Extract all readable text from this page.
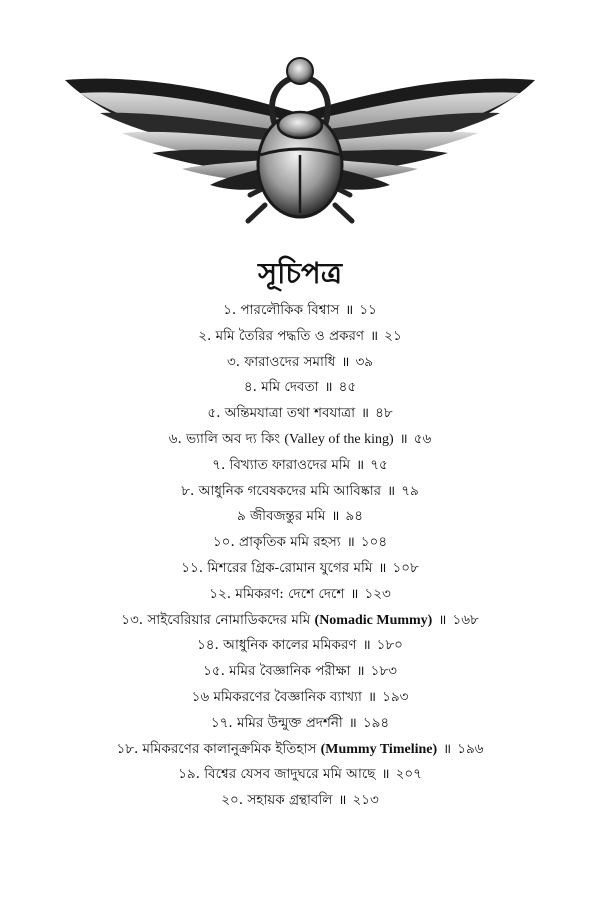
সূচিপত্র
১. পারলৌকিক বিশ্বাস ॥ ১১
২. মমি তৈরির পদ্ধতি ও প্রকরণ ॥ ২১
৩. ফারাওদের সমাধি ॥ ৩৯
৪. মমি দেবতা ॥ ৪৫
৫. অন্তিমযাত্রা তথা শবযাত্রা ॥ ৪৮
৬. ভ্যালি অব দ্য কিং (Valley of the king) ॥ ৫৬
৭. বিখ্যাত ফারাওদের মমি ॥ ৭৫
৮. আধুনিক গবেষকদের মমি আবিষ্কার ॥ ৭৯
৯ জীবজন্তুর মমি ॥ ৯৪
১০. প্রাকৃতিক মমি রহস্য ॥ ১০৪
১১. মিশরের গ্রিক-রোমান যুগের মমি ॥ ১০৮
১২. মমিকরণ: দেশে দেশে ॥ ১২৩
১৩. সাইবেরিয়ার নোমাডিকদের মমি (Nomadic Mummy) ॥ ১৬৮
১৪. আধুনিক কালের মমিকরণ ॥ ১৮০
১৫. মমির বৈজ্ঞানিক পরীক্ষা ॥ ১৮৩
১৬ মমিকরণের বৈজ্ঞানিক ব্যাখ্যা ॥ ১৯৩
১৭. মমির উন্মুক্ত প্রদর্শনী ॥ ১৯৪
১৮. মমিকরণের কালানুক্রমিক ইতিহাস (Mummy Timeline) ॥ ১৯৬
১৯. বিশ্বের যেসব জাদুঘরে মমি আছে ॥ ২০৭
২০. সহায়ক গ্রন্থাবলি ॥ ২১৩
